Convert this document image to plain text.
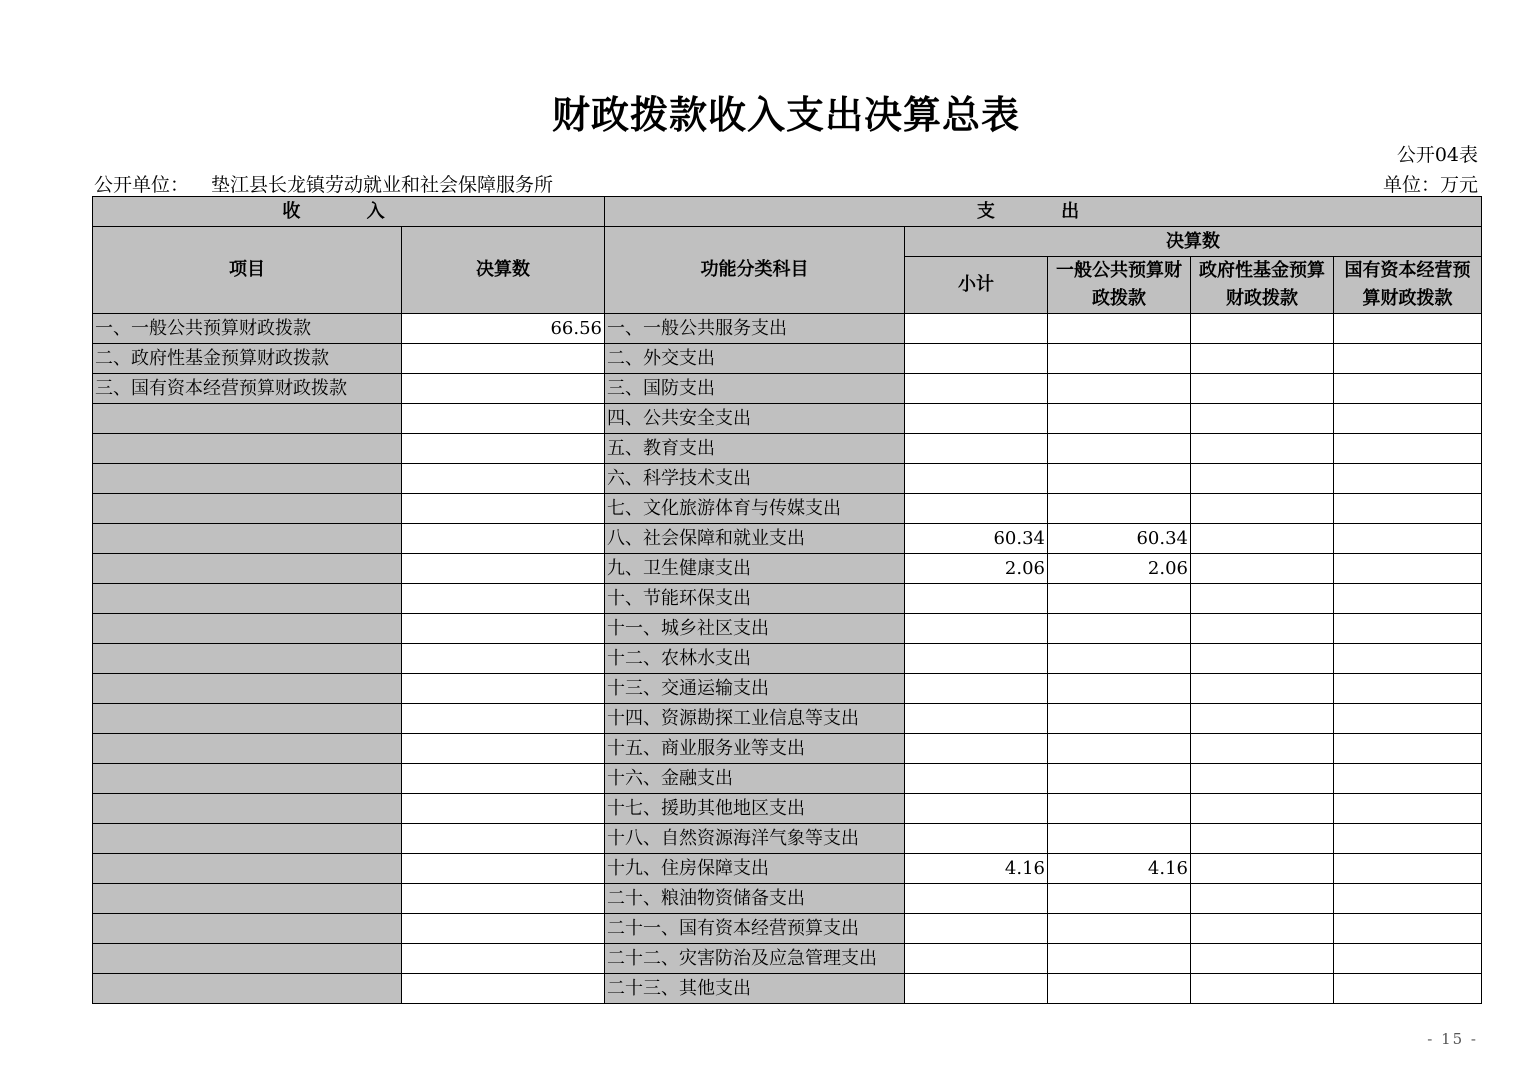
财政拨款收入支出决算总表
公开04表
公开单位： 垫江县长龙镇劳动就业和社会保障服务所	单位：万元
收 入		支 出				
项目	决算数	功能分类科目	决算数			
			小计	一般公共预算财政拨款	政府性基金预算财政拨款	国有资本经营预算财政拨款

一、一般公共预算财政拨款	66.56	一、一般公共服务支出				
二、政府性基金预算财政拨款		二、外交支出				
三、国有资本经营预算财政拨款		三、国防支出				
		四、公共安全支出				
		五、教育支出				
		六、科学技术支出				
		七、文化旅游体育与传媒支出				
		八、社会保障和就业支出	60.34	60.34		
		九、卫生健康支出	2.06	2.06		
		十、节能环保支出				
		十一、城乡社区支出				
		十二、农林水支出				
		十三、交通运输支出				
		十四、资源勘探工业信息等支出				
		十五、商业服务业等支出				
		十六、金融支出				
		十七、援助其他地区支出				
		十八、自然资源海洋气象等支出				
		十九、住房保障支出	4.16	4.16		
		二十、粮油物资储备支出				
		二十一、国有资本经营预算支出				
		二十二、灾害防治及应急管理支出				
		二十三、其他支出				
- 15 -
